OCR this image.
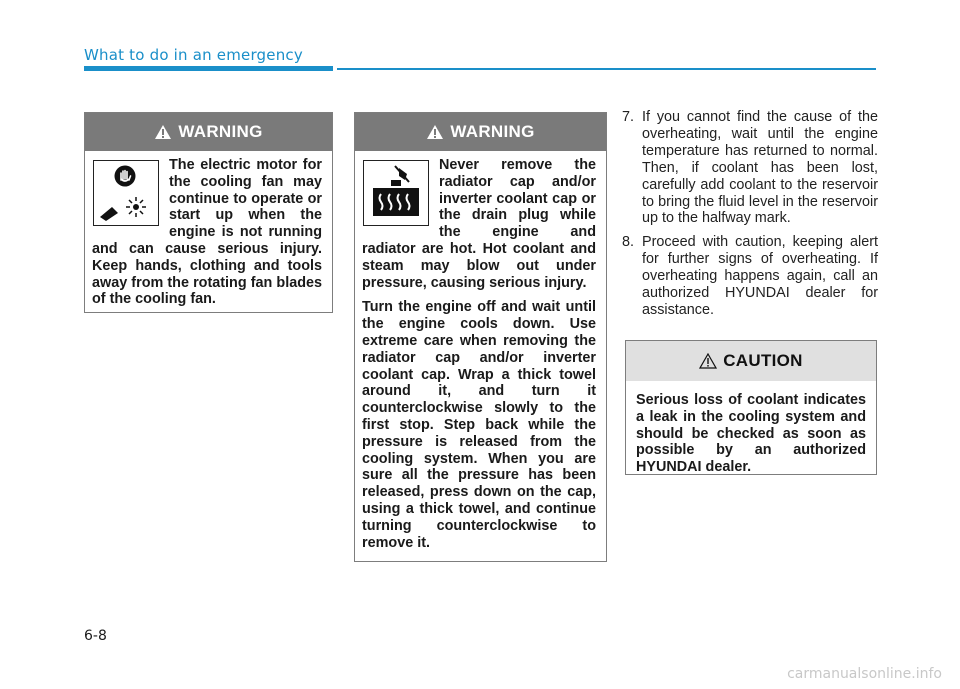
What to do in an emergency
WARNING

The electric motor for the cooling fan may continue to operate or start up when the engine is not running and can cause serious injury. Keep hands, clothing and tools away from the rotating fan blades of the cooling fan.

WARNING

Never remove the radiator cap and/or inverter coolant cap or the drain plug while the engine and radiator are hot. Hot coolant and steam may blow out under pressure, causing serious injury.

Turn the engine off and wait until the engine cools down. Use extreme care when removing the radiator cap and/or inverter coolant cap. Wrap a thick towel around it, and turn it counterclockwise slowly to the first stop. Step back while the pressure is released from the cooling system. When you are sure all the pressure has been released, press down on the cap, using a thick towel, and continue turning counterclockwise to remove it.

7. If you cannot find the cause of the overheating, wait until the engine temperature has returned to normal. Then, if coolant has been lost, carefully add coolant to the reservoir to bring the fluid level in the reservoir up to the halfway mark.
8. Proceed with caution, keeping alert for further signs of overheating. If overheating happens again, call an authorized HYUNDAI dealer for assistance.
CAUTION

Serious loss of coolant indicates a leak in the cooling system and should be checked as soon as possible by an authorized HYUNDAI dealer.

6-8
carmanualsonline.info
